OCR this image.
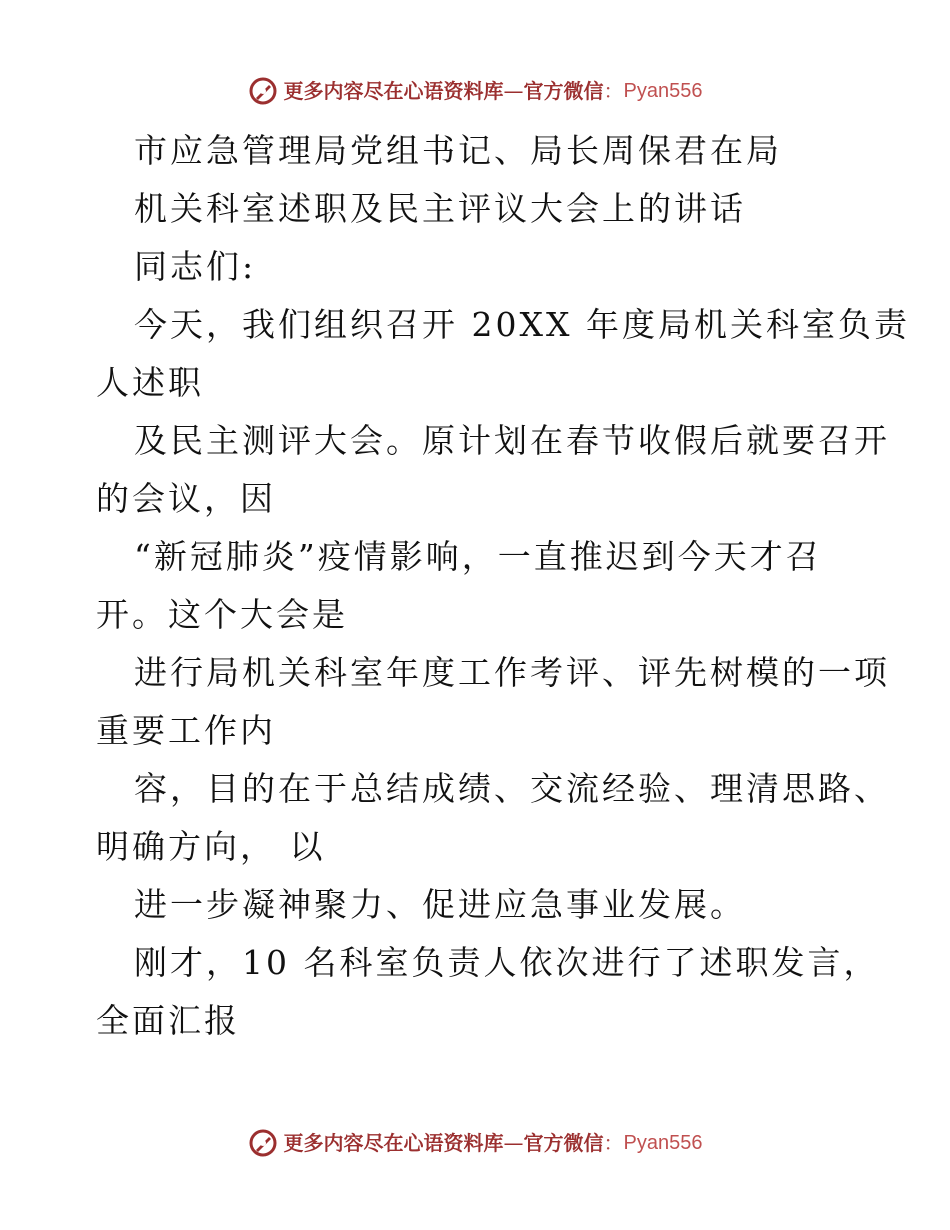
更多内容尽在心语资料库 — 官方微信 ： Pyan556
市应急管理局党组书记、局长周保君在局
机关科室述职及民主评议大会上的讲话
同志们:
今天，我们组织召开 20XX 年度局机关科室负责
人述职
及民主测评大会。原计划在春节收假后就要召开
的会议，因
“新冠肺炎”疫情影响，一直推迟到今天才召
开。这个大会是
进行局机关科室年度工作考评、评先树模的一项
重要工作内
容，目的在于总结成绩、交流经验、理清思路、
明确方向， 以
进一步凝神聚力、促进应急事业发展。
刚才，10 名科室负责人依次进行了述职发言，
全面汇报
更多内容尽在心语资料库 — 官方微信 ： Pyan556
